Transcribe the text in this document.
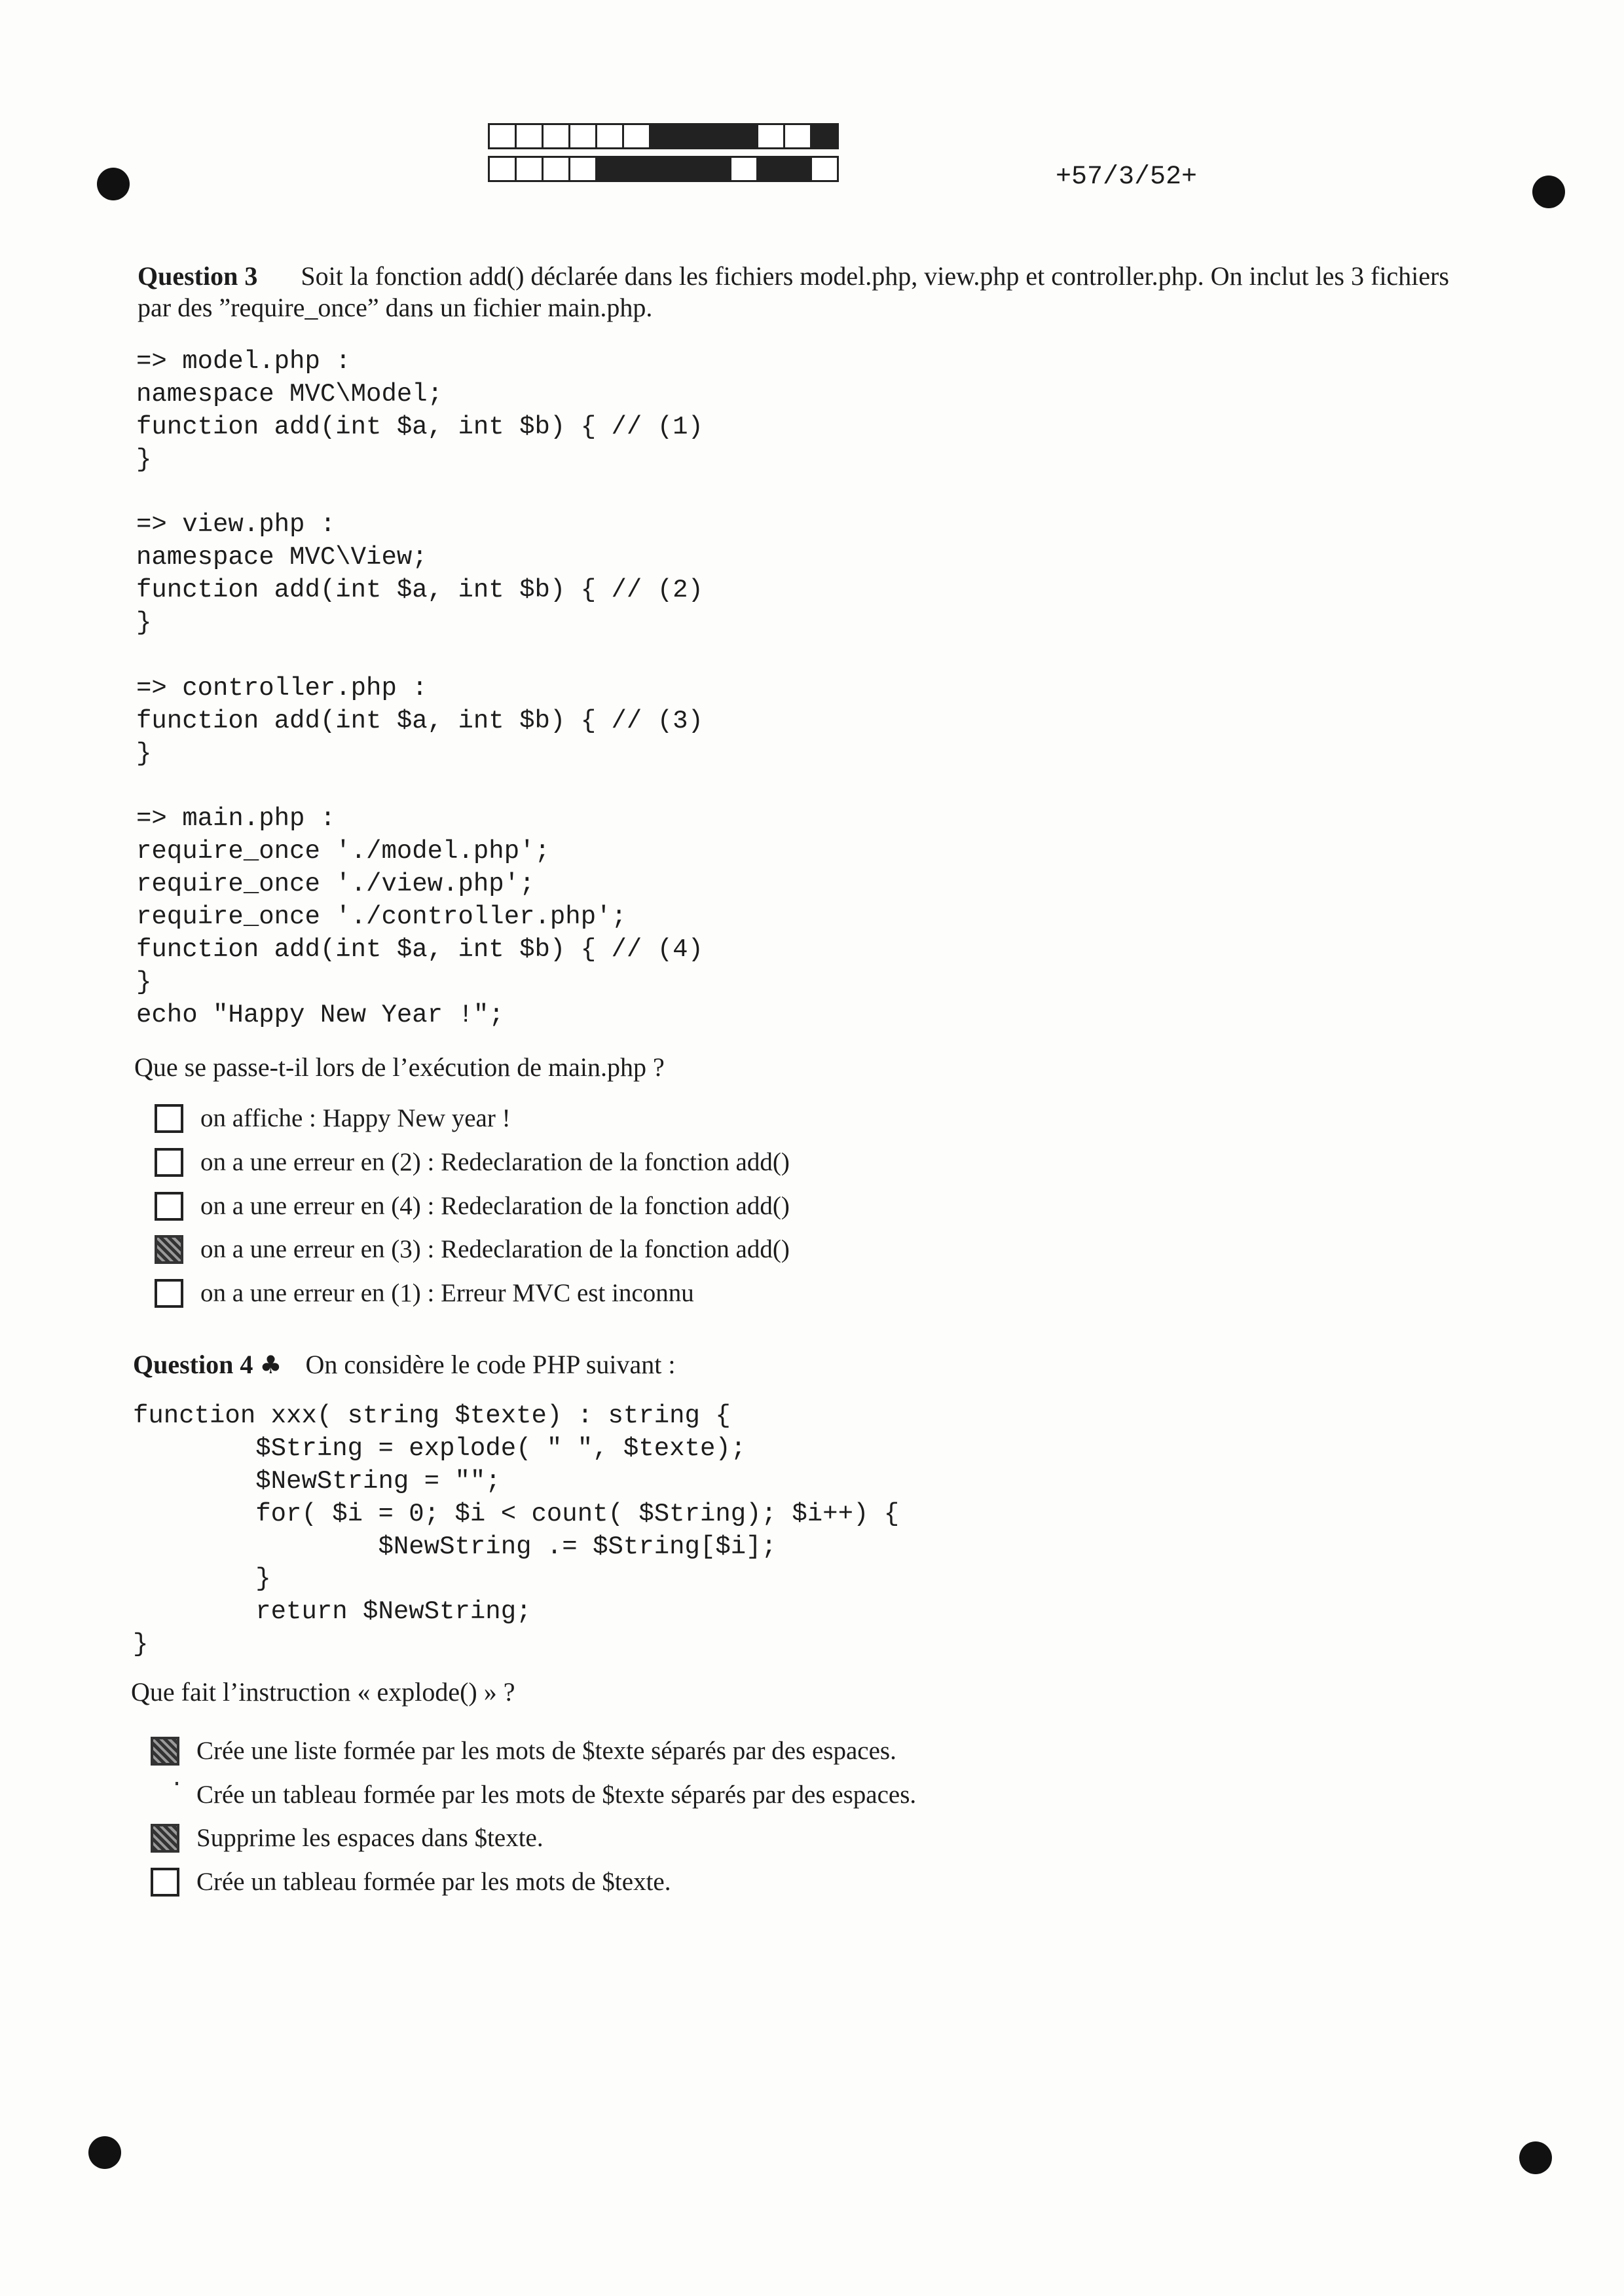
+57/3/52+
Question 3 Soit la fonction add() déclarée dans les fichiers model.php, view.php et controller.php. On inclut les 3 fichiers
par des ”require_once” dans un fichier main.php.
=> model.php :
namespace MVC\Model;
function add(int $a, int $b) { // (1)
}

=> view.php :
namespace MVC\View;
function add(int $a, int $b) { // (2)
}

=> controller.php :
function add(int $a, int $b) { // (3)
}

=> main.php :
require_once './model.php';
require_once './view.php';
require_once './controller.php';
function add(int $a, int $b) { // (4)
}
echo "Happy New Year !";
Que se passe-t-il lors de l’exécution de main.php ?
on affiche : Happy New year !
on a une erreur en (2) : Redeclaration de la fonction add()
on a une erreur en (4) : Redeclaration de la fonction add()
on a une erreur en (3) : Redeclaration de la fonction add()
on a une erreur en (1) : Erreur MVC est inconnu
Question 4 ♣ On considère le code PHP suivant :
function xxx( string $texte) : string {
$String = explode( " ", $texte);
$NewString = "";
for( $i = 0; $i < count( $String); $i++) {
$NewString .= $String[$i];
}
return $NewString;
}
Que fait l’instruction « explode() » ?
Crée une liste formée par les mots de $texte séparés par des espaces.
Crée un tableau formée par les mots de $texte séparés par des espaces.
Supprime les espaces dans $texte.
Crée un tableau formée par les mots de $texte.
